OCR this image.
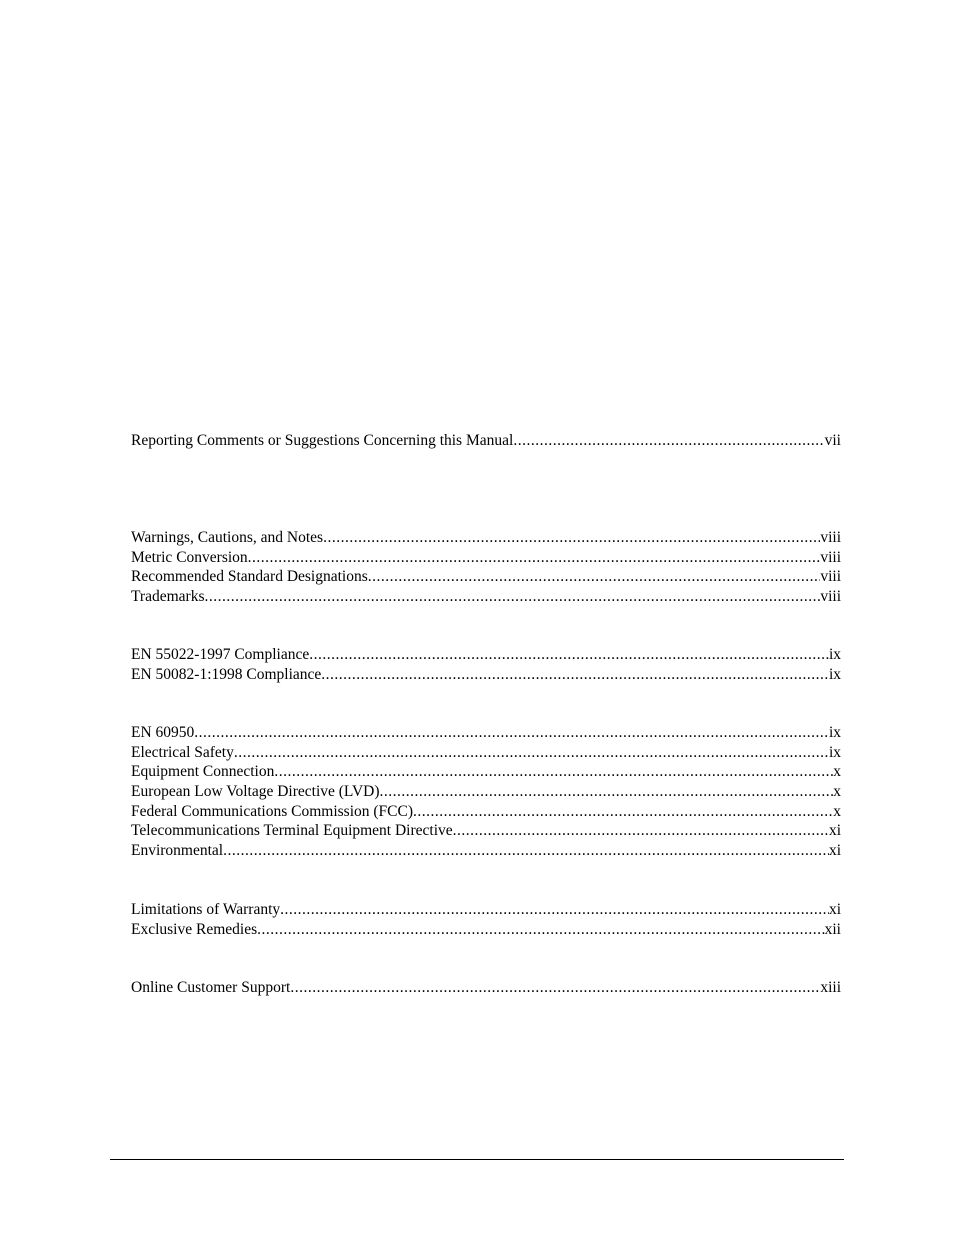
Reporting Comments or Suggestions Concerning this Manual .....	vii
Warnings, Cautions, and Notes .....	viii
Metric Conversion .....	viii
Recommended Standard Designations .....	viii
Trademarks .....	viii
EN 55022-1997 Compliance .....	ix
EN 50082-1:1998 Compliance .....	ix
EN 60950 .....	ix
Electrical Safety .....	ix
Equipment Connection .....	x
European Low Voltage Directive (LVD) .....	x
Federal Communications Commission (FCC) .....	x
Telecommunications Terminal Equipment Directive .....	xi
Environmental .....	xi
Limitations of Warranty .....	xi
Exclusive Remedies .....	xii
Online Customer Support .....	xiii
